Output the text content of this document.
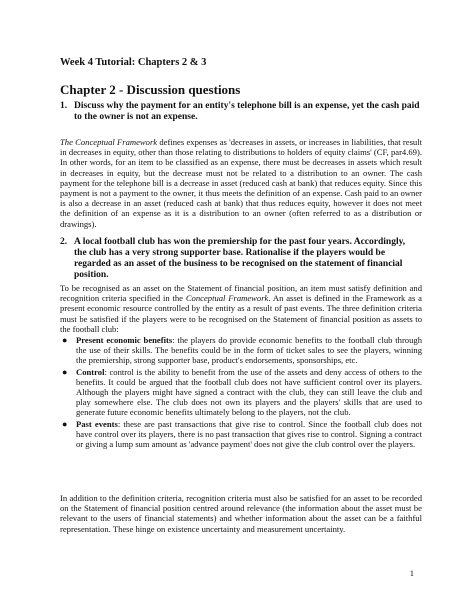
Week 4 Tutorial: Chapters 2 & 3
Chapter 2 - Discussion questions
1. Discuss why the payment for an entity's telephone bill is an expense, yet the cash paid to the owner is not an expense.
The Conceptual Framework defines expenses as 'decreases in assets, or increases in liabilities, that result in decreases in equity, other than those relating to distributions to holders of equity claims' (CF, par4.69). In other words, for an item to be classified as an expense, there must be decreases in assets which result in decreases in equity, but the decrease must not be related to a distribution to an owner. The cash payment for the telephone bill is a decrease in asset (reduced cash at bank) that reduces equity. Since this payment is not a payment to the owner, it thus meets the definition of an expense. Cash paid to an owner is also a decrease in an asset (reduced cash at bank) that thus reduces equity, however it does not meet the definition of an expense as it is a distribution to an owner (often referred to as a distribution or drawings).
2. A local football club has won the premiership for the past four years. Accordingly, the club has a very strong supporter base. Rationalise if the players would be regarded as an asset of the business to be recognised on the statement of financial position.
To be recognised as an asset on the Statement of financial position, an item must satisfy definition and recognition criteria specified in the Conceptual Framework. An asset is defined in the Framework as a present economic resource controlled by the entity as a result of past events. The three definition criteria must be satisfied if the players were to be recognised on the Statement of financial position as assets to the football club:
● Present economic benefits: the players do provide economic benefits to the football club through the use of their skills. The benefits could be in the form of ticket sales to see the players, winning the premiership, strong supporter base, product's endorsements, sponsorships, etc.
● Control: control is the ability to benefit from the use of the assets and deny access of others to the benefits. It could be argued that the football club does not have sufficient control over its players. Although the players might have signed a contract with the club, they can still leave the club and play somewhere else. The club does not own its players and the players' skills that are used to generate future economic benefits ultimately belong to the players, not the club.
● Past events: these are past transactions that give rise to control. Since the football club does not have control over its players, there is no past transaction that gives rise to control. Signing a contract or giving a lump sum amount as 'advance payment' does not give the club control over the players.
In addition to the definition criteria, recognition criteria must also be satisfied for an asset to be recorded on the Statement of financial position centred around relevance (the information about the asset must be relevant to the users of financial statements) and whether information about the asset can be a faithful representation. These hinge on existence uncertainty and measurement uncertainty.
1
